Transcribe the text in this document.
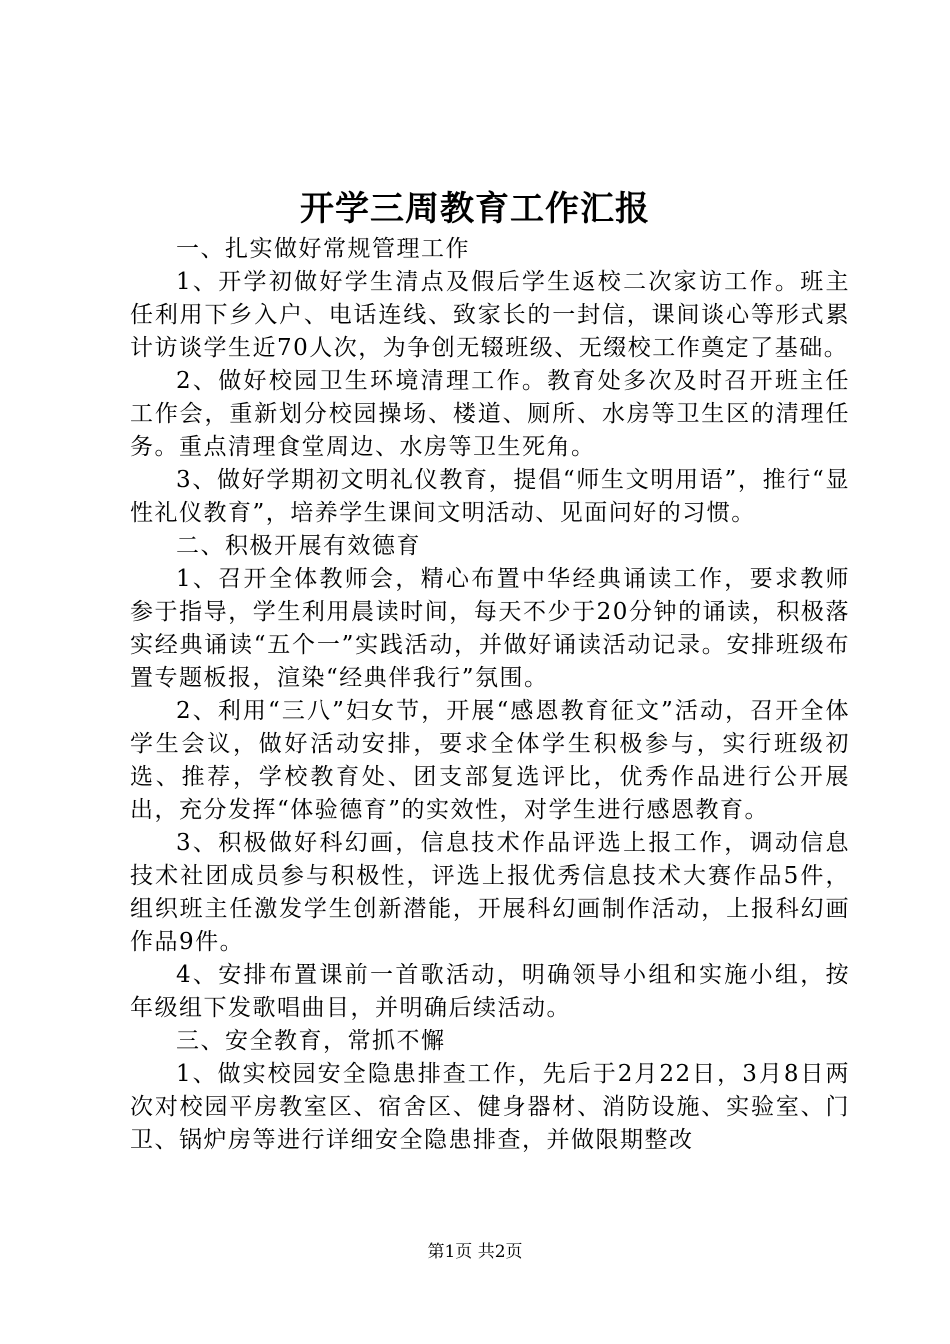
开学三周教育工作汇报

一、扎实做好常规管理工作

1、开学初做好学生清点及假后学生返校二次家访工作。班主任利用下乡入户、电话连线、致家长的一封信，课间谈心等形式累计访谈学生近70人次，为争创无辍班级、无缀校工作奠定了基础。

2、做好校园卫生环境清理工作。教育处多次及时召开班主任工作会，重新划分校园操场、楼道、厕所、水房等卫生区的清理任务。重点清理食堂周边、水房等卫生死角。

3、做好学期初文明礼仪教育，提倡“师生文明用语”，推行“显性礼仪教育”，培养学生课间文明活动、见面问好的习惯。

二、积极开展有效德育

1、召开全体教师会，精心布置中华经典诵读工作，要求教师参于指导，学生利用晨读时间，每天不少于20分钟的诵读，积极落实经典诵读“五个一”实践活动，并做好诵读活动记录。安排班级布置专题板报，渲染“经典伴我行”氛围。

2、利用“三八”妇女节，开展“感恩教育征文”活动，召开全体学生会议，做好活动安排，要求全体学生积极参与，实行班级初选、推荐，学校教育处、团支部复选评比，优秀作品进行公开展出，充分发挥“体验德育”的实效性，对学生进行感恩教育。

3、积极做好科幻画，信息技术作品评选上报工作，调动信息技术社团成员参与积极性，评选上报优秀信息技术大赛作品5件，组织班主任激发学生创新潜能，开展科幻画制作活动，上报科幻画作品9件。

4、安排布置课前一首歌活动，明确领导小组和实施小组，按年级组下发歌唱曲目，并明确后续活动。

三、安全教育，常抓不懈

1、做实校园安全隐患排查工作，先后于2月22日，3月8日两次对校园平房教室区、宿舍区、健身器材、消防设施、实验室、门卫、锅炉房等进行详细安全隐患排查，并做限期整改

第1页 共2页
